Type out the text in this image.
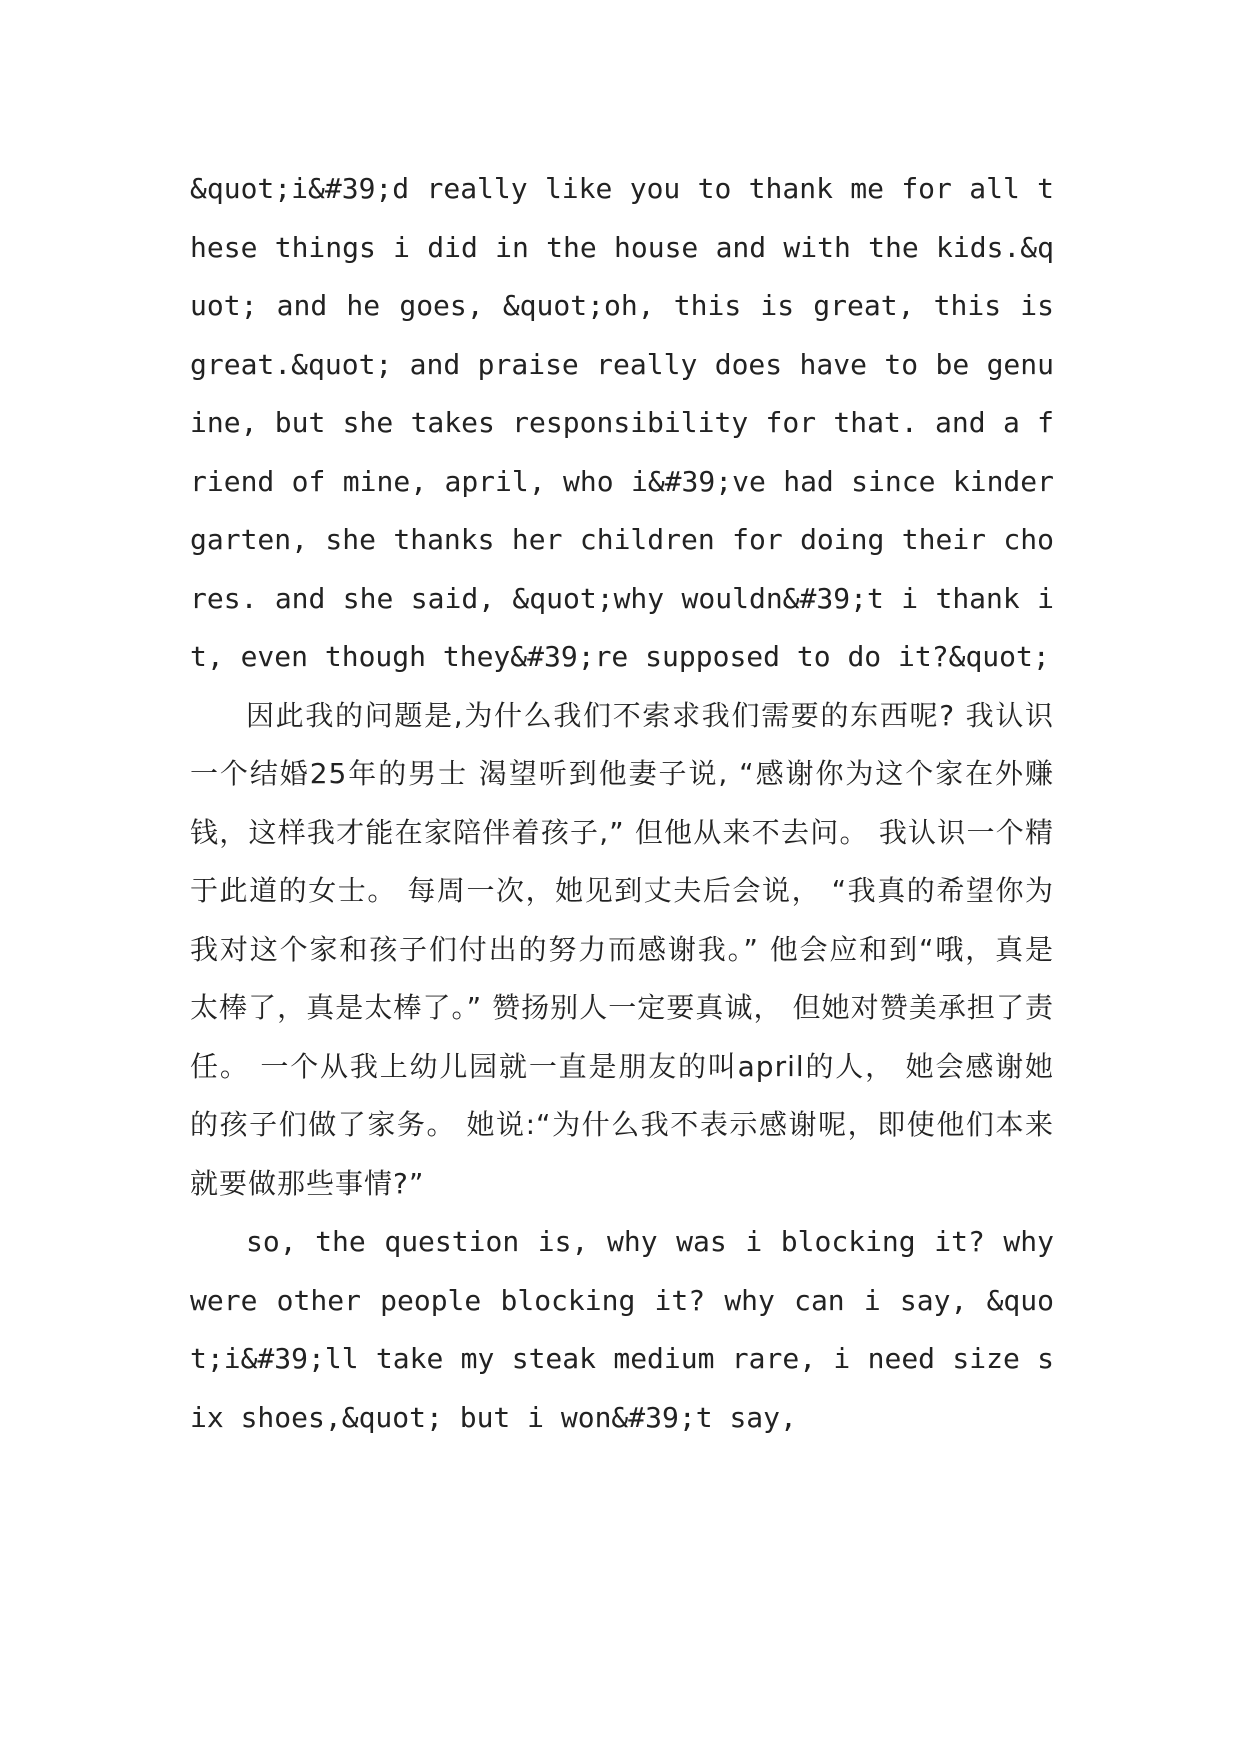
&quot;i&#39;d really like you to thank me for all these things i did in the house and with the kids.&quot; and he goes, &quot;oh, this is great, this is great.&quot; and praise really does have to be genuine, but she takes responsibility for that. and a friend of mine, april, who i&#39;ve had since kindergarten, she thanks her children for doing their chores. and she said, &quot;why wouldn&#39;t i thank it, even though they&#39;re supposed to do it?&quot;

因此我的问题是,为什么我们不索求我们需要的东西呢? 我认识一个结婚25年的男士 渴望听到他妻子说, “感谢你为这个家在外赚钱，这样我才能在家陪伴着孩子,” 但他从来不去问。 我认识一个精于此道的女士。 每周一次，她见到丈夫后会说， “我真的希望你为我对这个家和孩子们付出的努力而感谢我。” 他会应和到“哦，真是太棒了，真是太棒了。” 赞扬别人一定要真诚， 但她对赞美承担了责任。 一个从我上幼儿园就一直是朋友的叫april的人， 她会感谢她的孩子们做了家务。 她说:“为什么我不表示感谢呢，即使他们本来就要做那些事情?”

so, the question is, why was i blocking it? why were other people blocking it? why can i say, &quot;i&#39;ll take my steak medium rare, i need size six shoes,&quot; but i won&#39;t say,
